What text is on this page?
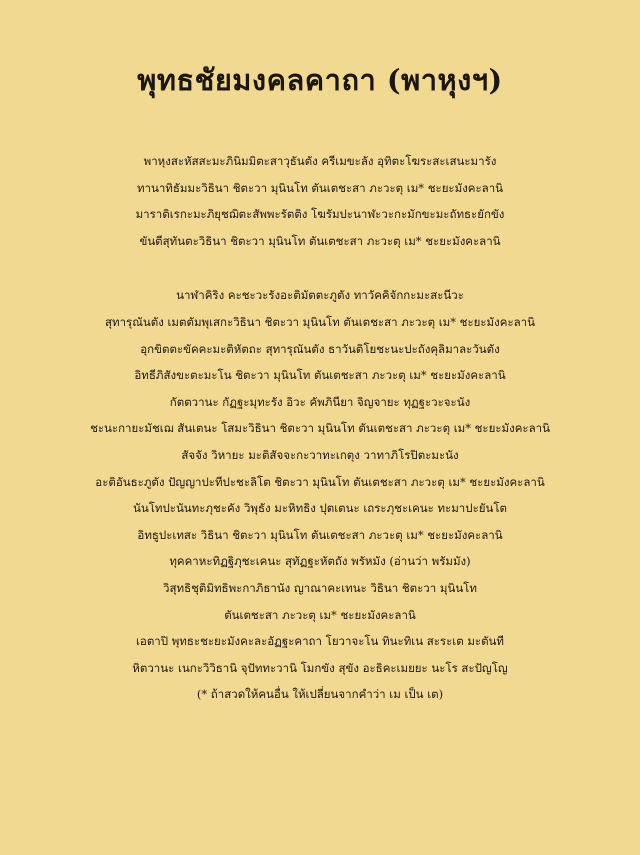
พุทธชัยมงคลคาถา (พาหุงฯ)
พาหุงสะหัสสะมะภินิมมิตะสาวุธันตัง ครีเมขะลัง อุทิตะโฆระสะเสนะมารัง
ทานาทิธัมมะวิธินา ชิตะวา มุนินโท ตันเตชะสา ภะวะตุ เม* ชะยะมังคะลานิ
มาราติเรกะมะภิยุชฌิตะสัพพะรัตติง โฆรัมปะนาฬะวะกะมักขะมะถัทธะยักขัง
ขันตีสุทันตะวิธินา ชิตะวา มุนินโท ตันเตชะสา ภะวะตุ เม* ชะยะมังคะลานิ
นาฬาคิริง คะชะวะรังอะติมัตตะภูตัง ทาวัคคิจักกะมะสะนีวะ
สุทารุณันตัง เมตตัมพุเสกะวิธินา ชิตะวา มุนินโท ตันเตชะสา ภะวะตุ เม* ชะยะมังคะลานิ
อุกขิตตะขัคคะมะติหัตถะ สุทารุณันตัง ธาวันติโยชะนะปะถังคุลิมาละวันตัง
อิทธีภิสังขะตะมะโน ชิตะวา มุนินโท ตันเตชะสา ภะวะตุ เม* ชะยะมังคะลานิ
กัตตวานะ กัฏฐะมุทะรัง อิวะ คัพภินียา จิญจายะ ทุฏฐะวะจะนัง
ชะนะกายะมัชเฌ สันเตนะ โสมะวิธินา ชิตะวา มุนินโท ตันเตชะสา ภะวะตุ เม* ชะยะมังคะลานิ
สัจจัง วิหายะ มะติสัจจะกะวาทะเกตุง วาทาภิโรปิตะมะนัง
อะติอันธะภูตัง ปัญญาปะทีปะชะลิโต ชิตะวา มุนินโท ตันเตชะสา ภะวะตุ เม* ชะยะมังคะลานิ
นันโทปะนันทะภุชะคัง วิพุธัง มะหิทธิง ปุตเตนะ เถระภุชะเคนะ ทะมาปะยันโต
อิทธูปะเทสะ วิธินา ชิตะวา มุนินโท ตันเตชะสา ภะวะตุ เม* ชะยะมังคะลานิ
ทุคคาหะทิฏฐิภุชะเคนะ สุทัฏฐะหัตถัง พรัหมัง (อ่านว่า พรัมมัง)
วิสุทธิชุติมิทธิพะกาภิธานัง ญาณาคะเทนะ วิธินา ชิตะวา มุนินโท
ตันเตชะสา ภะวะตุ เม* ชะยะมังคะลานิ
เอตาปิ พุทธะชะยะมังคะละอัฏฐะคาถา โยวาจะโน ทินะทิเน สะระเต มะตันที
หิตวานะ เนกะวิวิธานิ จุปัททะวานิ โมกขัง สุขัง อะธิคะเมยยะ นะโร สะปัญโญ
(* ถ้าสวดให้คนอื่น ให้เปลี่ยนจากคำว่า เม เป็น เต)
